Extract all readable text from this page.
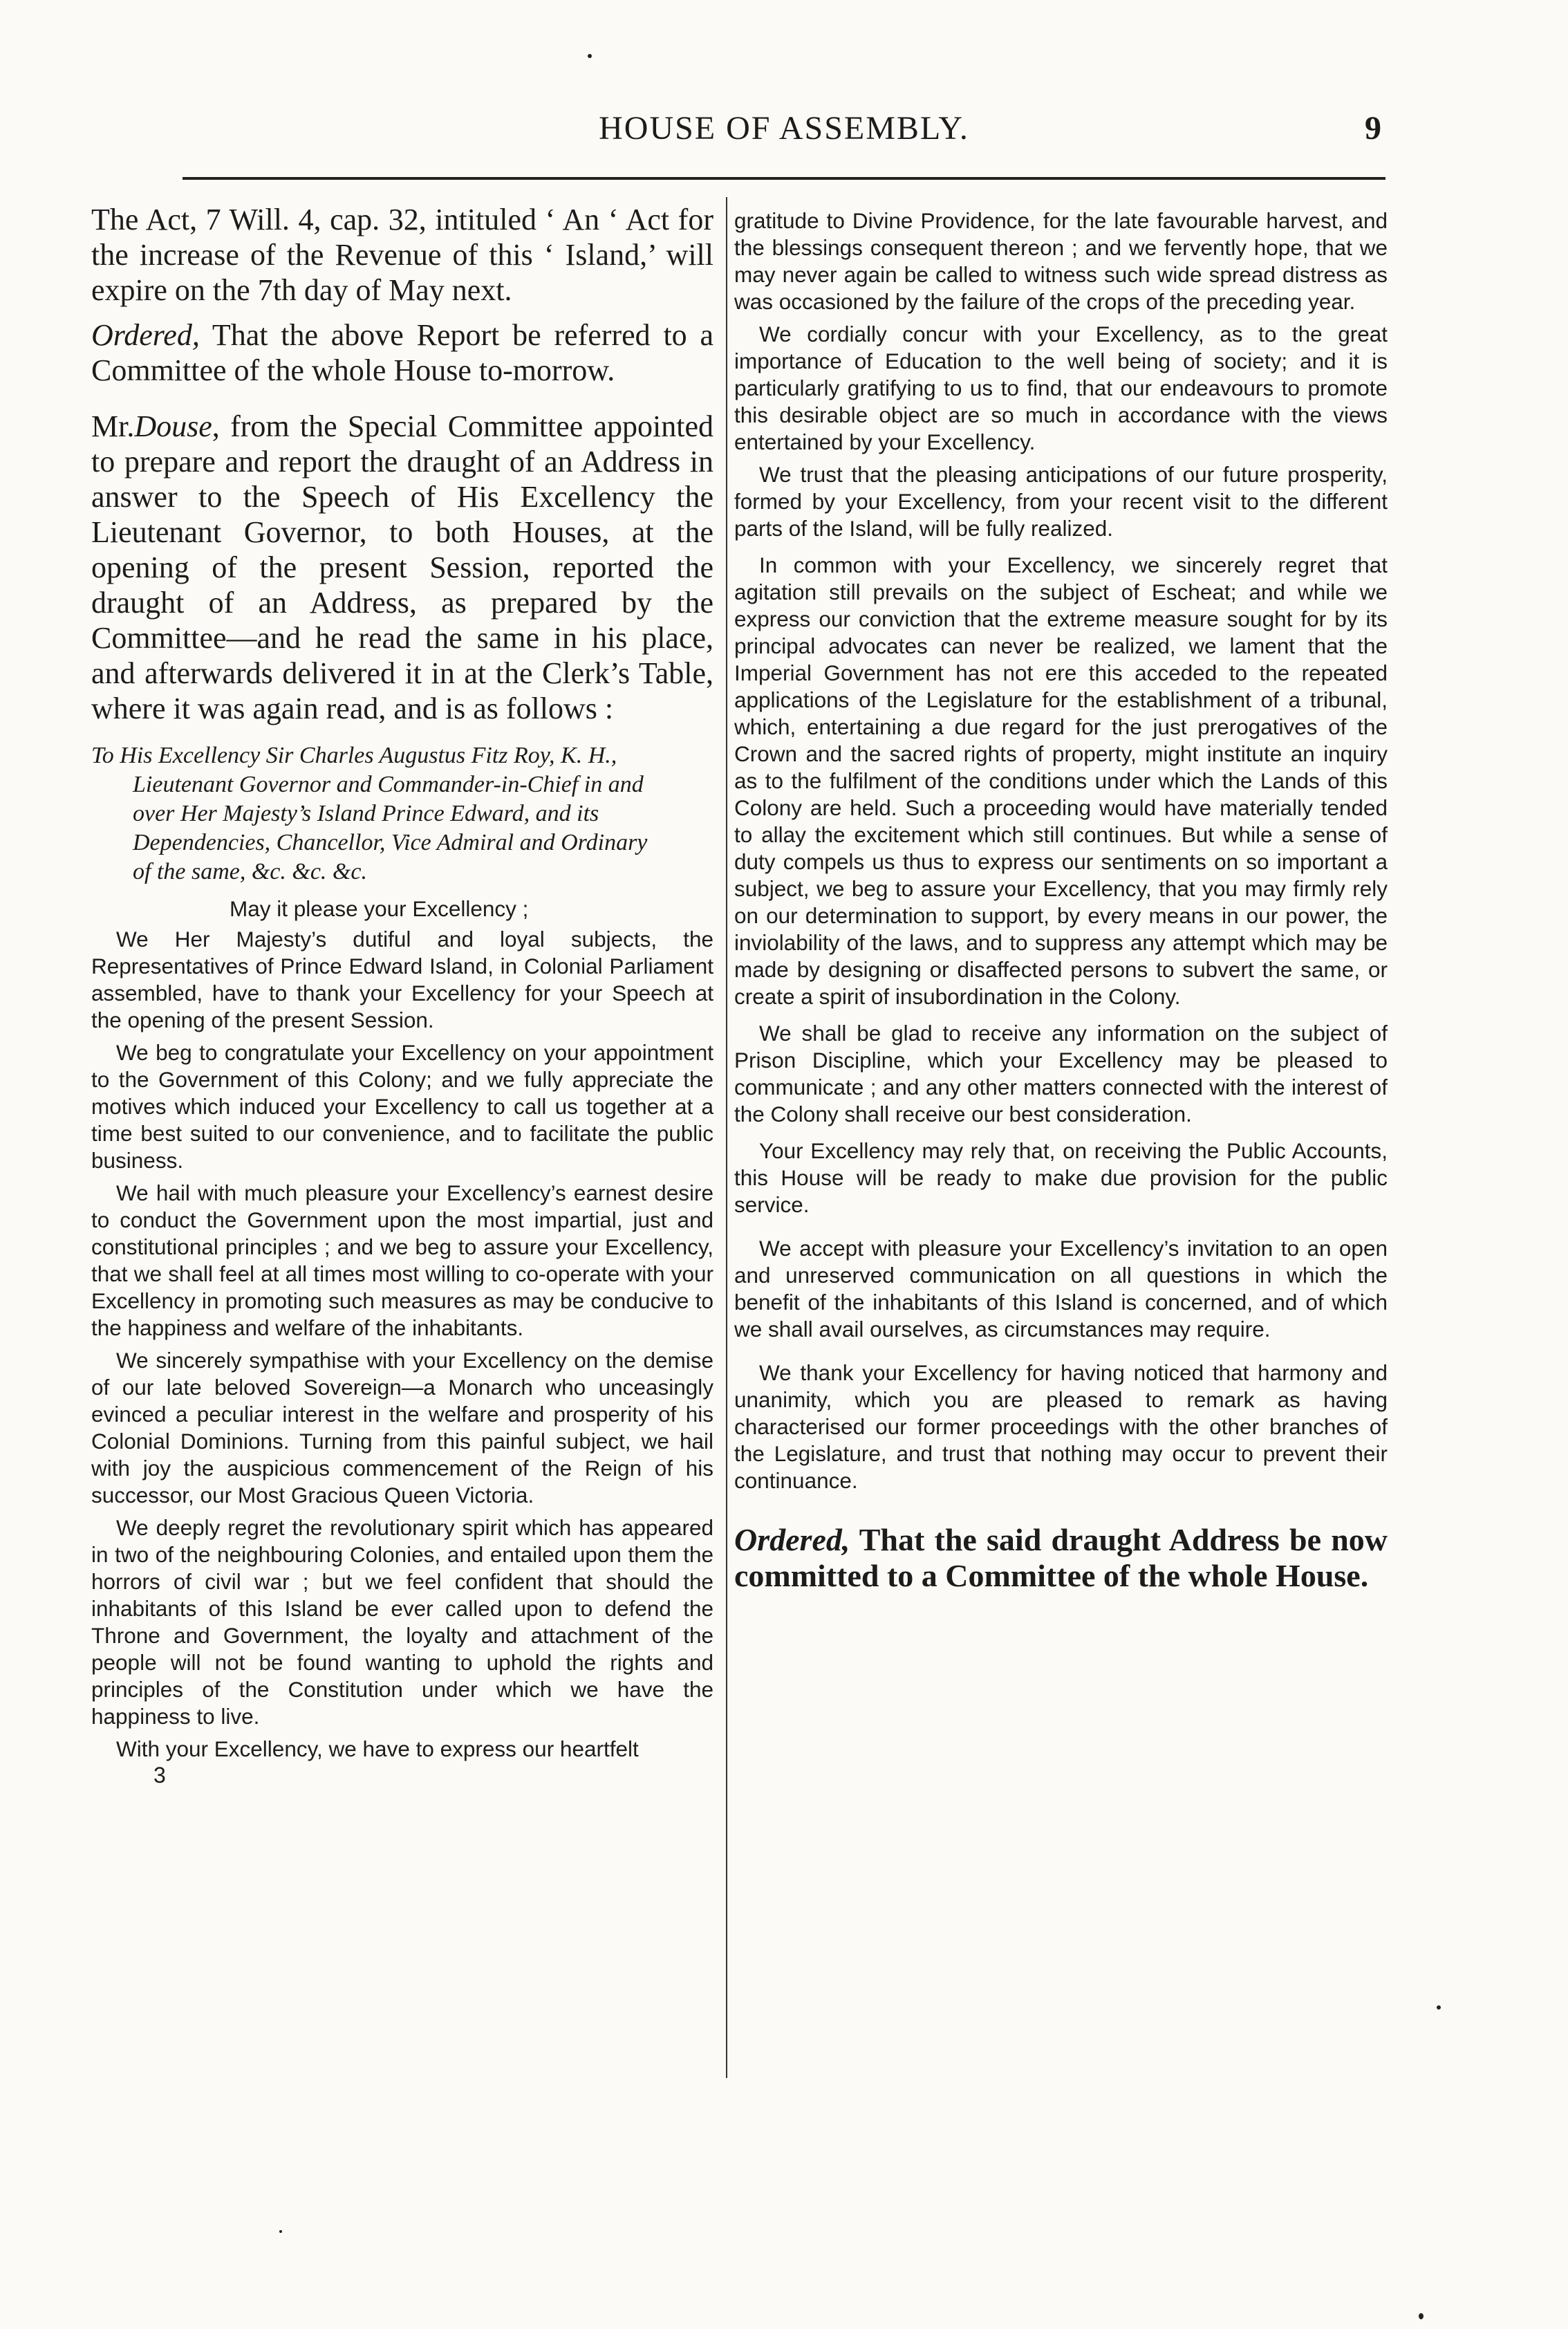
HOUSE OF ASSEMBLY.	9

The Act, 7 Will. 4, cap. 32, intituled ‘ An ‘ Act for the increase of the Revenue of this ‘ Island,’ will expire on the 7th day of May next.

Ordered, That the above Report be referred to a Committee of the whole House to-morrow.

Mr.Douse, from the Special Committee appointed to prepare and report the draught of an Address in answer to the Speech of His Excellency the Lieutenant Governor, to both Houses, at the opening of the present Session, reported the draught of an Address, as prepared by the Committee—and he read the same in his place, and afterwards delivered it in at the Clerk’s Table, where it was again read, and is as follows :

To His Excellency Sir Charles Augustus Fitz Roy, K. H.,
Lieutenant Governor and Commander-in-Chief in and
over Her Majesty’s Island Prince Edward, and its
Dependencies, Chancellor, Vice Admiral and Ordinary
of the same, &c. &c. &c.
May it please your Excellency ;

We Her Majesty’s dutiful and loyal subjects, the Representatives of Prince Edward Island, in Colonial Parliament assembled, have to thank your Excellency for your Speech at the opening of the present Session.

We beg to congratulate your Excellency on your appointment to the Government of this Colony; and we fully appreciate the motives which induced your Excellency to call us together at a time best suited to our convenience, and to facilitate the public business.

We hail with much pleasure your Excellency’s earnest desire to conduct the Government upon the most impartial, just and constitutional principles ; and we beg to assure your Excellency, that we shall feel at all times most willing to co-operate with your Excellency in promoting such measures as may be conducive to the happiness and welfare of the inhabitants.

We sincerely sympathise with your Excellency on the demise of our late beloved Sovereign—a Monarch who unceasingly evinced a peculiar interest in the welfare and prosperity of his Colonial Dominions. Turning from this painful subject, we hail with joy the auspicious commencement of the Reign of his successor, our Most Gracious Queen Victoria.

We deeply regret the revolutionary spirit which has appeared in two of the neighbouring Colonies, and entailed upon them the horrors of civil war ; but we feel confident that should the inhabitants of this Island be ever called upon to defend the Throne and Government, the loyalty and attachment of the people will not be found wanting to uphold the rights and principles of the Constitution under which we have the happiness to live.

With your Excellency, we have to express our heartfelt

3

gratitude to Divine Providence, for the late favourable harvest, and the blessings consequent thereon ; and we fervently hope, that we may never again be called to witness such wide spread distress as was occasioned by the failure of the crops of the preceding year.

We cordially concur with your Excellency, as to the great importance of Education to the well being of society; and it is particularly gratifying to us to find, that our endeavours to promote this desirable object are so much in accordance with the views entertained by your Excellency.

We trust that the pleasing anticipations of our future prosperity, formed by your Excellency, from your recent visit to the different parts of the Island, will be fully realized.

In common with your Excellency, we sincerely regret that agitation still prevails on the subject of Escheat; and while we express our conviction that the extreme measure sought for by its principal advocates can never be realized, we lament that the Imperial Government has not ere this acceded to the repeated applications of the Legislature for the establishment of a tribunal, which, entertaining a due regard for the just prerogatives of the Crown and the sacred rights of property, might institute an inquiry as to the fulfilment of the conditions under which the Lands of this Colony are held. Such a proceeding would have materially tended to allay the excitement which still continues. But while a sense of duty compels us thus to express our sentiments on so important a subject, we beg to assure your Excellency, that you may firmly rely on our determination to support, by every means in our power, the inviolability of the laws, and to suppress any attempt which may be made by designing or disaffected persons to subvert the same, or create a spirit of insubordination in the Colony.

We shall be glad to receive any information on the subject of Prison Discipline, which your Excellency may be pleased to communicate ; and any other matters connected with the interest of the Colony shall receive our best consideration.

Your Excellency may rely that, on receiving the Public Accounts, this House will be ready to make due provision for the public service.

We accept with pleasure your Excellency’s invitation to an open and unreserved communication on all questions in which the benefit of the inhabitants of this Island is concerned, and of which we shall avail ourselves, as circumstances may require.

We thank your Excellency for having noticed that harmony and unanimity, which you are pleased to remark as having characterised our former proceedings with the other branches of the Legislature, and trust that nothing may occur to prevent their continuance.

Ordered, That the said draught Address be now committed to a Committee of the whole House.
